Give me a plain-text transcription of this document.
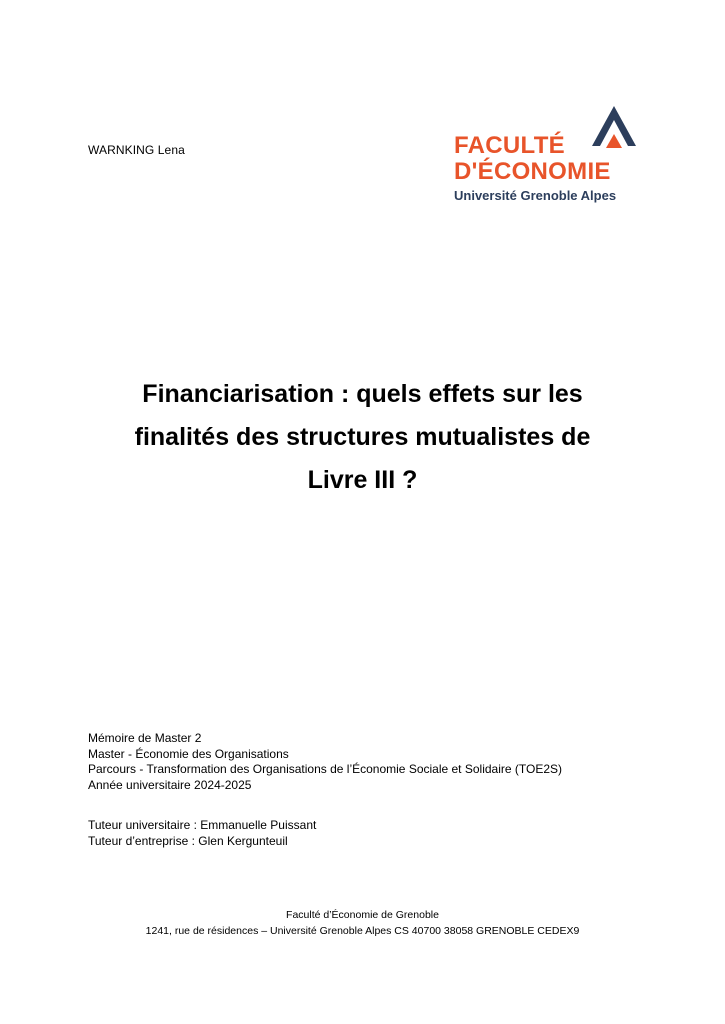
WARNKING Lena	FACULTÉ
D'ÉCONOMIE
Université Grenoble Alpes
Financiarisation : quels effets sur les
finalités des structures mutualistes de
Livre III ?
Mémoire de Master 2
Master - Économie des Organisations
Parcours - Transformation des Organisations de l’Économie Sociale et Solidaire (TOE2S)
Année universitaire 2024-2025
Tuteur universitaire : Emmanuelle Puissant
Tuteur d’entreprise : Glen Kergunteuil
Faculté d’Économie de Grenoble
1241, rue de résidences – Université Grenoble Alpes CS 40700 38058 GRENOBLE CEDEX9
